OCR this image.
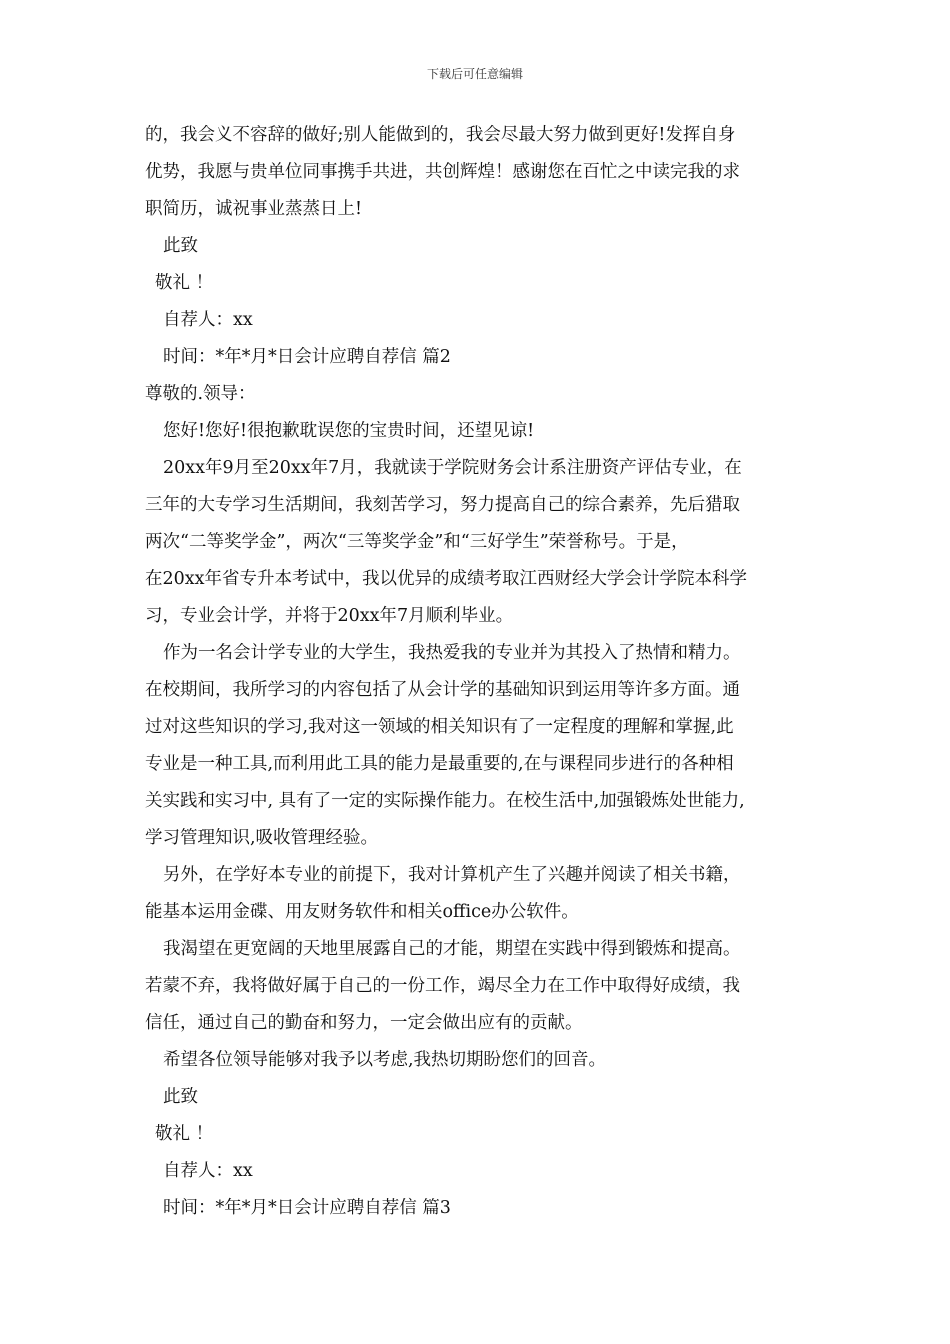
下载后可任意编辑

的，我会义不容辞的做好;别人能做到的，我会尽最大努力做到更好!发挥自身

优势，我愿与贵单位同事携手共进，共创辉煌！感谢您在百忙之中读完我的求

职简历，诚祝事业蒸蒸日上!

此致

敬礼 ！

自荐人：xx

时间：*年*月*日会计应聘自荐信 篇2

尊敬的.领导：

您好!您好!很抱歉耽误您的宝贵时间，还望见谅!

20xx年9月至20xx年7月，我就读于学院财务会计系注册资产评估专业，在

三年的大专学习生活期间，我刻苦学习，努力提高自己的综合素养，先后猎取

两次“二等奖学金”，两次“三等奖学金”和“三好学生”荣誉称号。于是，

在20xx年省专升本考试中，我以优异的成绩考取江西财经大学会计学院本科学

习，专业会计学，并将于20xx年7月顺利毕业。

作为一名会计学专业的大学生，我热爱我的专业并为其投入了热情和精力。

在校期间，我所学习的内容包括了从会计学的基础知识到运用等许多方面。通

过对这些知识的学习,我对这一领域的相关知识有了一定程度的理解和掌握,此

专业是一种工具,而利用此工具的能力是最重要的,在与课程同步进行的各种相

关实践和实习中, 具有了一定的实际操作能力。在校生活中,加强锻炼处世能力,

学习管理知识,吸收管理经验。

另外，在学好本专业的前提下，我对计算机产生了兴趣并阅读了相关书籍，

能基本运用金碟、用友财务软件和相关office办公软件。

我渴望在更宽阔的天地里展露自己的才能，期望在实践中得到锻炼和提高。

若蒙不弃，我将做好属于自己的一份工作，竭尽全力在工作中取得好成绩，我

信任，通过自己的勤奋和努力，一定会做出应有的贡献。

希望各位领导能够对我予以考虑,我热切期盼您们的回音。

此致

敬礼 ！

自荐人：xx

时间：*年*月*日会计应聘自荐信 篇3
